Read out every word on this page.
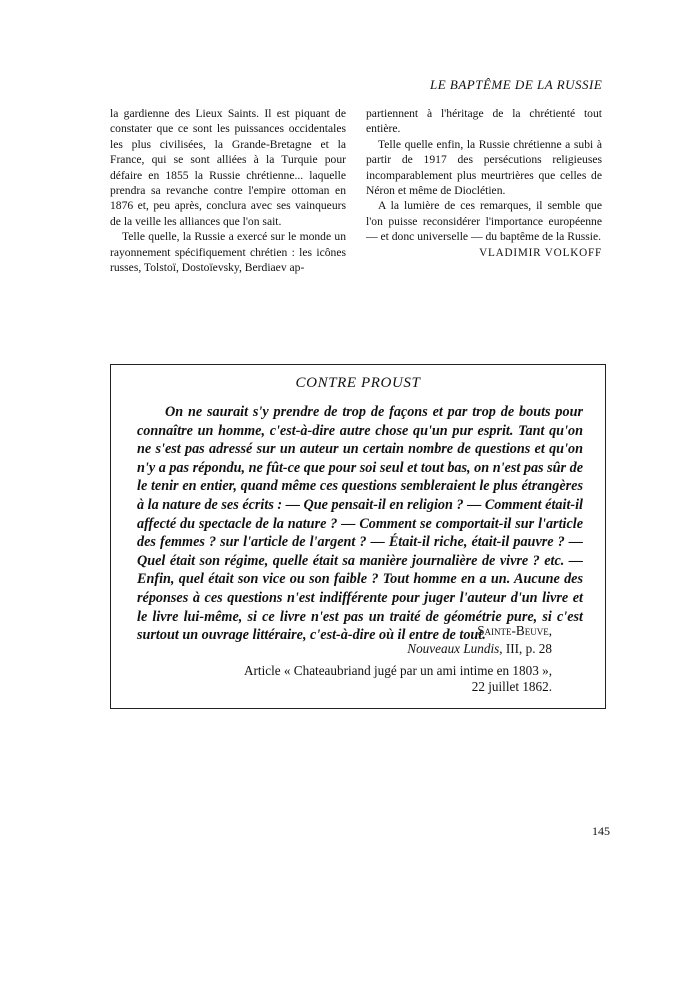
LE BAPTÊME DE LA RUSSIE

la gardienne des Lieux Saints. Il est piquant de constater que ce sont les puissances occidentales les plus civilisées, la Grande-Bretagne et la France, qui se sont alliées à la Turquie pour défaire en 1855 la Russie chrétienne... laquelle prendra sa revanche contre l'empire ottoman en 1876 et, peu après, conclura avec ses vainqueurs de la veille les alliances que l'on sait.

Telle quelle, la Russie a exercé sur le monde un rayonnement spécifiquement chrétien : les icônes russes, Tolstoï, Dostoïevsky, Berdiaev ap-

partiennent à l'héritage de la chrétienté tout entière.

Telle quelle enfin, la Russie chrétienne a subi à partir de 1917 des persécutions religieuses incomparablement plus meurtrières que celles de Néron et même de Dioclétien.

A la lumière de ces remarques, il semble que l'on puisse reconsidérer l'importance européenne — et donc universelle — du baptême de la Russie.

VLADIMIR VOLKOFF
CONTRE PROUST

On ne saurait s'y prendre de trop de façons et par trop de bouts pour connaître un homme, c'est-à-dire autre chose qu'un pur esprit. Tant qu'on ne s'est pas adressé sur un auteur un certain nombre de questions et qu'on n'y a pas répondu, ne fût-ce que pour soi seul et tout bas, on n'est pas sûr de le tenir en entier, quand même ces questions sembleraient le plus étrangères à la nature de ses écrits : — Que pensait-il en religion ? — Comment était-il affecté du spectacle de la nature ? — Comment se comportait-il sur l'article des femmes ? sur l'article de l'argent ? — Était-il riche, était-il pauvre ? — Quel était son régime, quelle était sa manière journalière de vivre ? etc. — Enfin, quel était son vice ou son faible ? Tout homme en a un. Aucune des réponses à ces questions n'est indifférente pour juger l'auteur d'un livre et le livre lui-même, si ce livre n'est pas un traité de géométrie pure, si c'est surtout un ouvrage littéraire, c'est-à-dire où il entre de tout.

Sainte-Beuve,
Nouveaux Lundis, III, p. 28
Article « Chateaubriand jugé par un ami intime en 1803 »,
22 juillet 1862.
145
